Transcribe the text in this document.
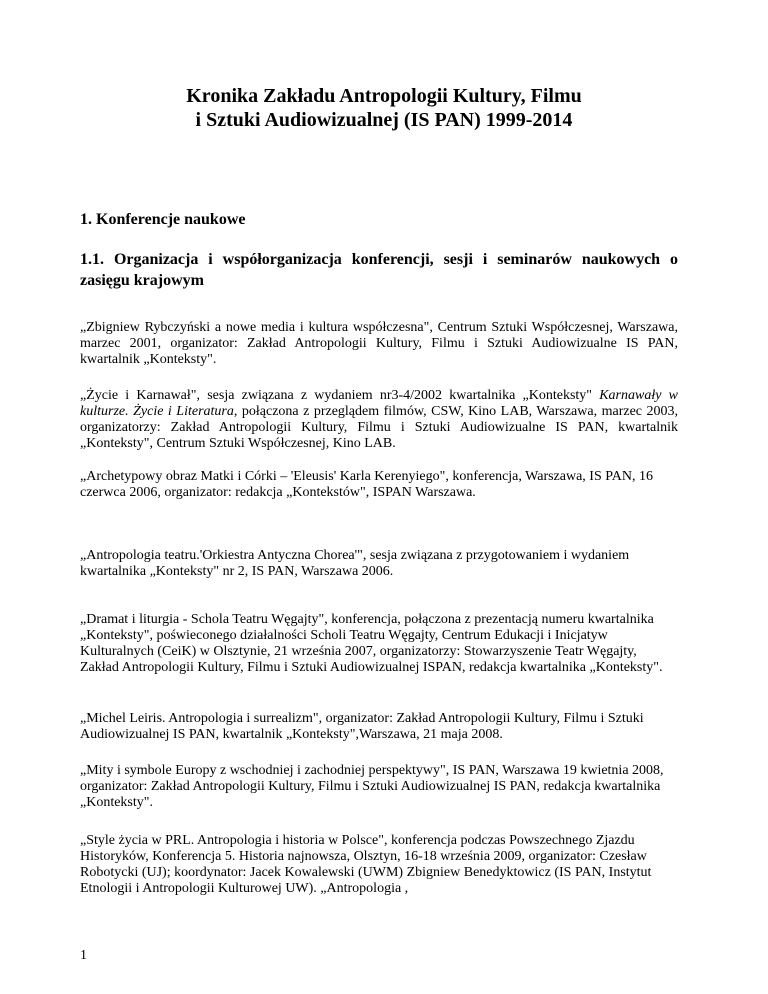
Kronika Zakładu Antropologii Kultury, Filmu
i Sztuki Audiowizualnej (IS PAN) 1999-2014
1. Konferencje naukowe
1.1. Organizacja i współorganizacja konferencji, sesji i seminarów naukowych o zasięgu krajowym
„Zbigniew Rybczyński a nowe media i kultura współczesna", Centrum Sztuki Współczesnej, Warszawa, marzec 2001, organizator: Zakład Antropologii Kultury, Filmu i Sztuki Audiowizualne IS PAN, kwartalnik „Konteksty".
„Życie i Karnawał", sesja związana z wydaniem nr3-4/2002 kwartalnika „Konteksty" Karnawały w kulturze. Życie i Literatura, połączona z przeglądem filmów, CSW, Kino LAB, Warszawa, marzec 2003, organizatorzy: Zakład Antropologii Kultury, Filmu i Sztuki Audiowizualne IS PAN, kwartalnik „Konteksty", Centrum Sztuki Współczesnej, Kino LAB.
„Archetypowy obraz Matki i Córki – 'Eleusis' Karla Kerenyiego", konferencja, Warszawa, IS PAN, 16 czerwca 2006, organizator: redakcja „Kontekstów", ISPAN Warszawa.
„Antropologia teatru.'Orkiestra Antyczna Chorea'", sesja związana z przygotowaniem i wydaniem kwartalnika „Konteksty" nr 2, IS PAN, Warszawa 2006.
„Dramat i liturgia - Schola Teatru Węgajty", konferencja, połączona z prezentacją numeru kwartalnika „Konteksty", poświeconego działalności Scholi Teatru Węgajty, Centrum Edukacji i Inicjatyw Kulturalnych (CeiK) w Olsztynie, 21 września 2007, organizatorzy: Stowarzyszenie Teatr Węgajty, Zakład Antropologii Kultury, Filmu i Sztuki Audiowizualnej ISPAN, redakcja kwartalnika „Konteksty".
„Michel Leiris. Antropologia i surrealizm", organizator: Zakład Antropologii Kultury, Filmu i Sztuki Audiowizualnej IS PAN, kwartalnik „Konteksty",Warszawa, 21 maja 2008.
„Mity i symbole Europy z wschodniej i zachodniej perspektywy", IS PAN, Warszawa 19 kwietnia 2008, organizator: Zakład Antropologii Kultury, Filmu i Sztuki Audiowizualnej IS PAN, redakcja kwartalnika „Konteksty".
„Style życia w PRL. Antropologia i historia w Polsce", konferencja podczas Powszechnego Zjazdu Historyków, Konferencja 5. Historia najnowsza, Olsztyn, 16-18 września 2009, organizator: Czesław Robotycki (UJ); koordynator: Jacek Kowalewski (UWM) Zbigniew Benedyktowicz (IS PAN, Instytut Etnologii i Antropologii Kulturowej UW). „Antropologia ,
1
